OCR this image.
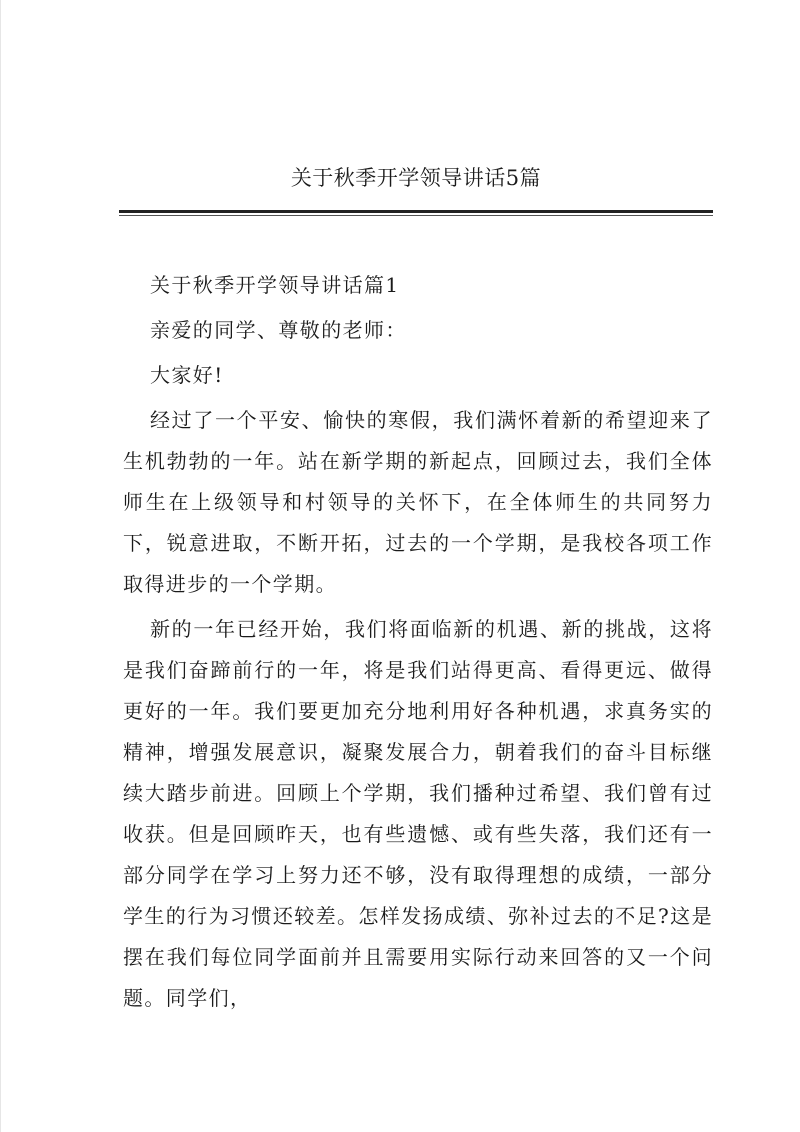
关于秋季开学领导讲话5篇

关于秋季开学领导讲话篇1

亲爱的同学、尊敬的老师：

大家好!

经过了一个平安、愉快的寒假，我们满怀着新的希望迎来了生机勃勃的一年。站在新学期的新起点，回顾过去，我们全体师生在上级领导和村领导的关怀下，在全体师生的共同努力下，锐意进取，不断开拓，过去的一个学期，是我校各项工作取得进步的一个学期。

新的一年已经开始，我们将面临新的机遇、新的挑战，这将是我们奋蹄前行的一年，将是我们站得更高、看得更远、做得更好的一年。我们要更加充分地利用好各种机遇，求真务实的精神，增强发展意识，凝聚发展合力，朝着我们的奋斗目标继续大踏步前进。回顾上个学期，我们播种过希望、我们曾有过收获。但是回顾昨天，也有些遗憾、或有些失落，我们还有一部分同学在学习上努力还不够，没有取得理想的成绩，一部分学生的行为习惯还较差。怎样发扬成绩、弥补过去的不足?这是摆在我们每位同学面前并且需要用实际行动来回答的又一个问题。同学们，
